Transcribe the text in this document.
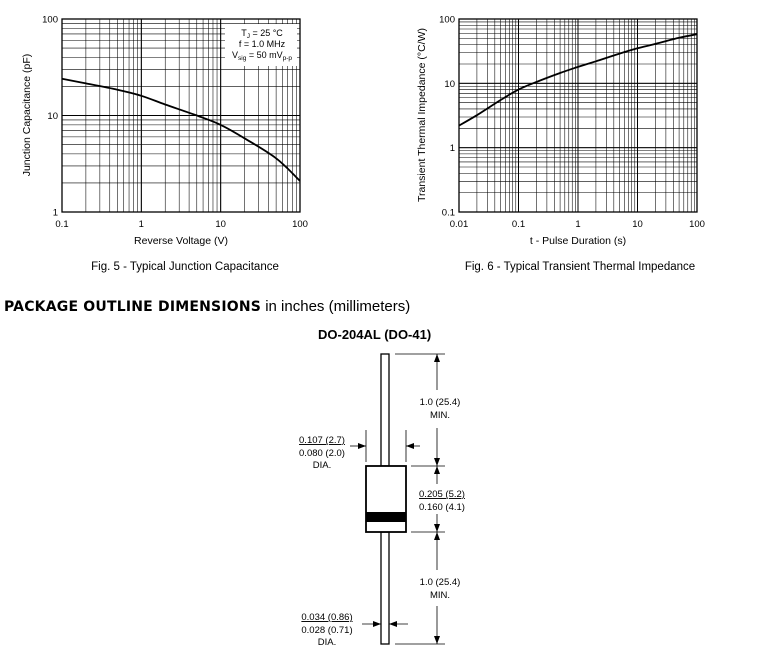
0.1	1	10	100
1
10
100
$T_J = 25$ °C
f = 1.0 MHz
$V_{sig} = 50$ $mV_{p-p}$
Reverse Voltage (V)
Junction Capacitance (pF)
Fig. 5 - Typical Junction Capacitance
0.01	0.1	1	10	100
0.1
1
10
100
t - Pulse Duration (s)
Transient Thermal Impedance (°C/W)
Fig. 6 - Typical Transient Thermal Impedance
1.0 (25.4)
MIN.
0.205 (5.2)
0.160 (4.1)
1.0 (25.4)
MIN.
0.107 (2.7)
0.080 (2.0)
DIA.
0.034 (0.86)
0.028 (0.71)
DIA.
PACKAGE OUTLINE DIMENSIONS in inches (millimeters)
DO-204AL (DO-41)
